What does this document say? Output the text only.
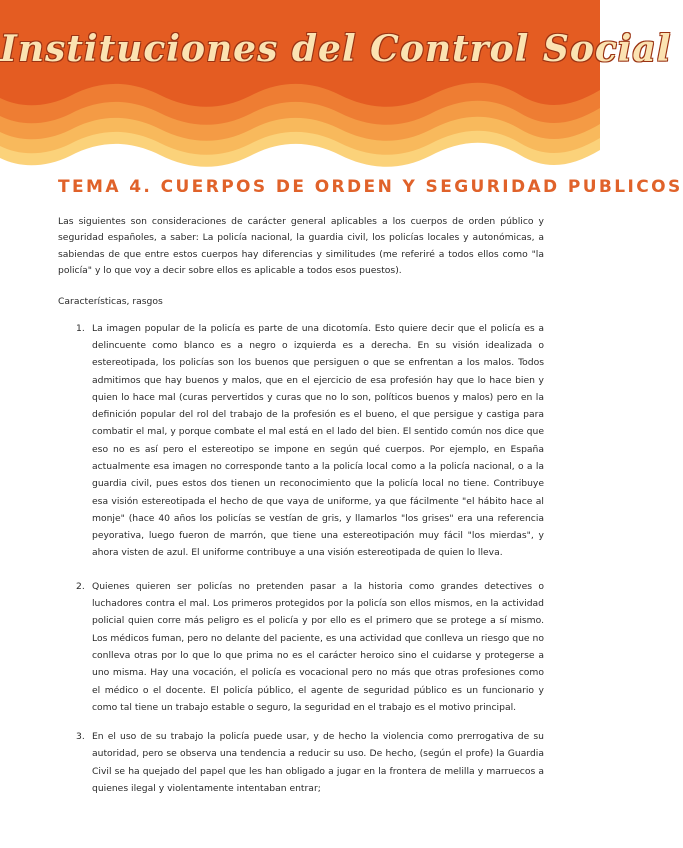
Instituciones del Control Social
TEMA 4. CUERPOS DE ORDEN Y SEGURIDAD PUBLICOS

Las siguientes son consideraciones de carácter general aplicables a los cuerpos de orden público y seguridad españoles, a saber: La policía nacional, la guardia civil, los policías locales y autonómicas, a sabiendas de que entre estos cuerpos hay diferencias y similitudes (me referiré a todos ellos como "la policía" y lo que voy a decir sobre ellos es aplicable a todos esos puestos).

Características, rasgos

1. La imagen popular de la policía es parte de una dicotomía. Esto quiere decir que el policía es a delincuente como blanco es a negro o izquierda es a derecha. En su visión idealizada o estereotipada, los policías son los buenos que persiguen o que se enfrentan a los malos. Todos admitimos que hay buenos y malos, que en el ejercicio de esa profesión hay que lo hace bien y quien lo hace mal (curas pervertidos y curas que no lo son, políticos buenos y malos) pero en la definición popular del rol del trabajo de la profesión es el bueno, el que persigue y castiga para combatir el mal, y porque combate el mal está en el lado del bien. El sentido común nos dice que eso no es así pero el estereotipo se impone en según qué cuerpos. Por ejemplo, en España actualmente esa imagen no corresponde tanto a la policía local como a la policía nacional, o a la guardia civil, pues estos dos tienen un reconocimiento que la policía local no tiene. Contribuye esa visión estereotipada el hecho de que vaya de uniforme, ya que fácilmente "el hábito hace al monje" (hace 40 años los policías se vestían de gris, y llamarlos "los grises" era una referencia peyorativa, luego fueron de marrón, que tiene una estereotipación muy fácil "los mierdas", y ahora visten de azul. El uniforme contribuye a una visión estereotipada de quien lo lleva.

2. Quienes quieren ser policías no pretenden pasar a la historia como grandes detectives o luchadores contra el mal. Los primeros protegidos por la policía son ellos mismos, en la actividad policial quien corre más peligro es el policía y por ello es el primero que se protege a sí mismo. Los médicos fuman, pero no delante del paciente, es una actividad que conlleva un riesgo que no conlleva otras por lo que lo que prima no es el carácter heroico sino el cuidarse y protegerse a uno misma. Hay una vocación, el policía es vocacional pero no más que otras profesiones como el médico o el docente. El policía público, el agente de seguridad público es un funcionario y como tal tiene un trabajo estable o seguro, la seguridad en el trabajo es el motivo principal.

3. En el uso de su trabajo la policía puede usar, y de hecho la violencia como prerrogativa de su autoridad, pero se observa una tendencia a reducir su uso. De hecho, (según el profe) la Guardia Civil se ha quejado del papel que les han obligado a jugar en la frontera de melilla y marruecos a quienes ilegal y violentamente intentaban entrar;
